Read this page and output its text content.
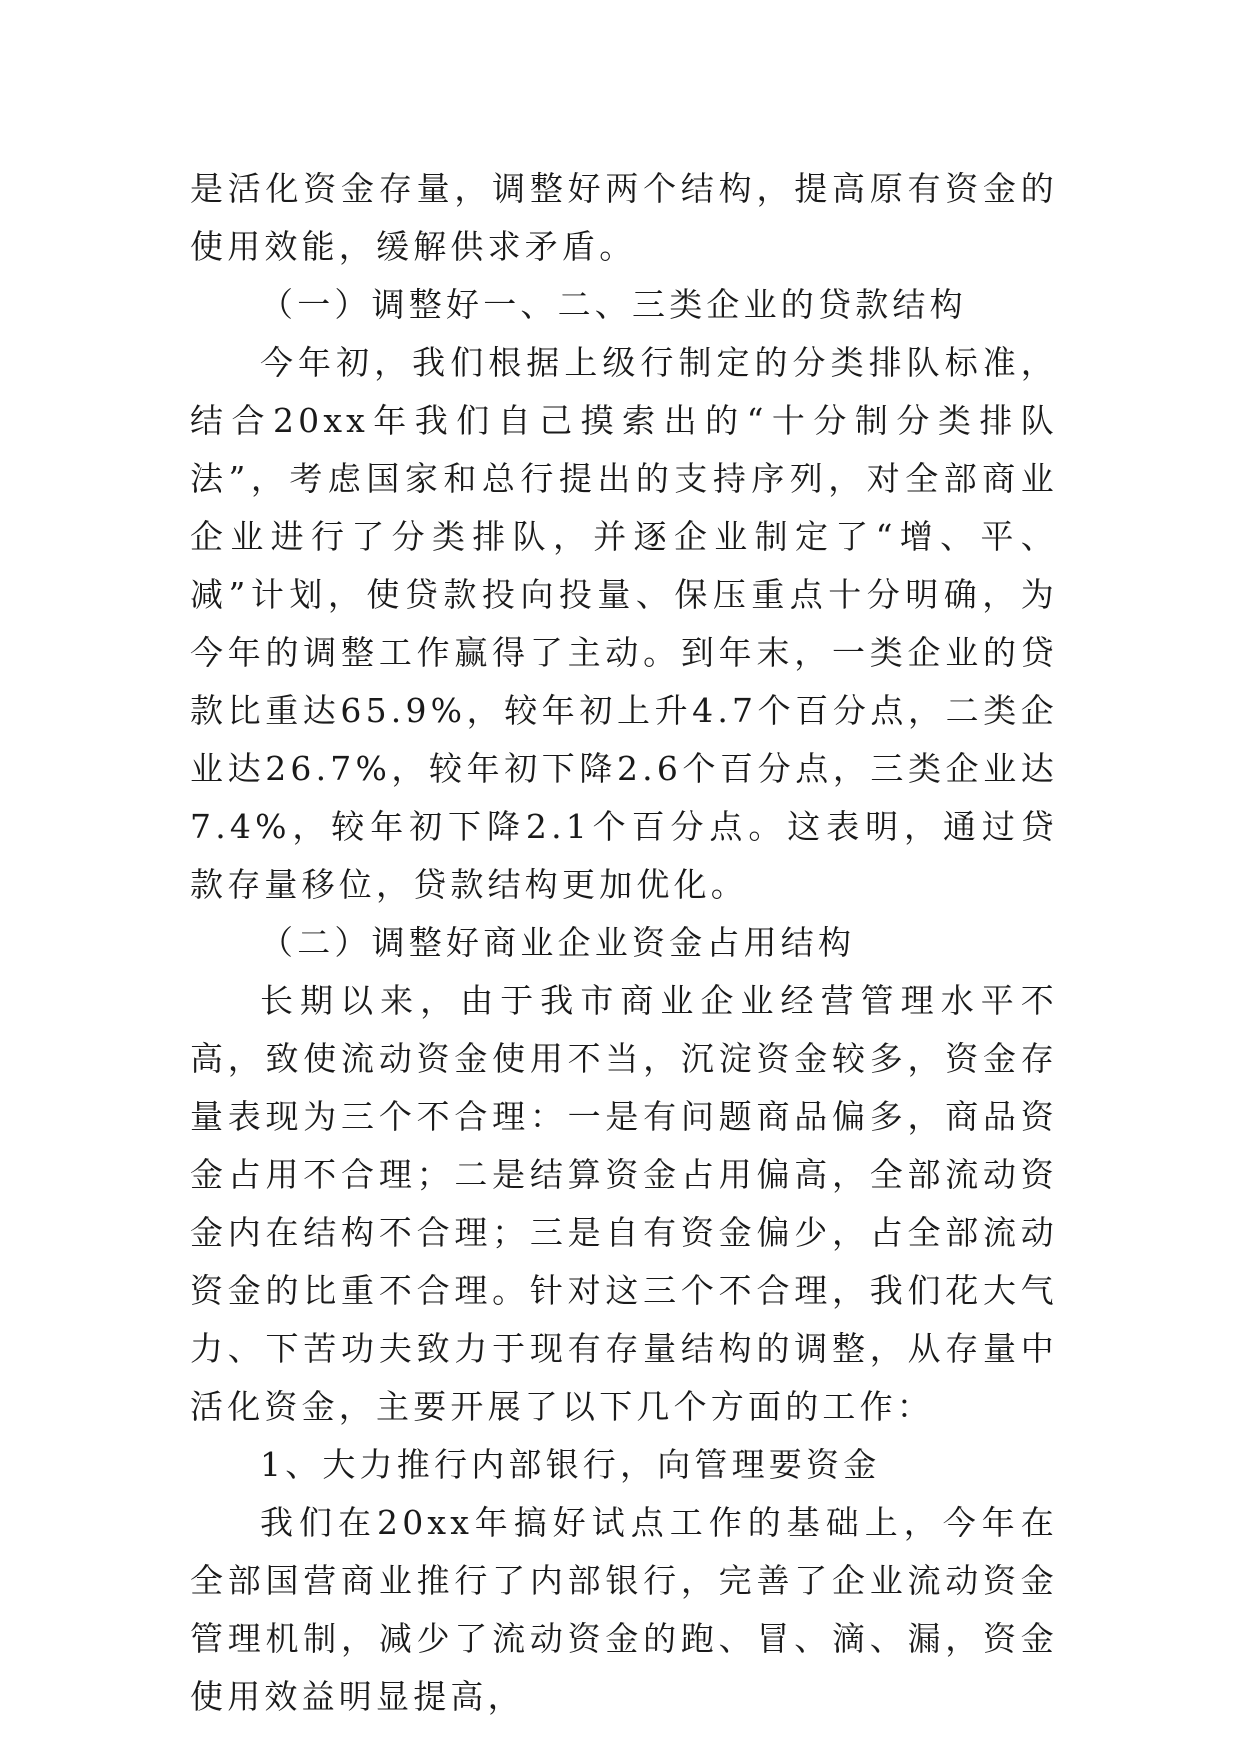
是活化资金存量，调整好两个结构，提高原有资金的使用效能，缓解供求矛盾。

（一）调整好一、二、三类企业的贷款结构

今年初，我们根据上级行制定的分类排队标准，结合20xx年我们自己摸索出的“十分制分类排队法”，考虑国家和总行提出的支持序列，对全部商业企业进行了分类排队，并逐企业制定了“增、平、减”计划，使贷款投向投量、保压重点十分明确，为今年的调整工作赢得了主动。到年末，一类企业的贷款比重达65.9%，较年初上升4.7个百分点，二类企业达26.7%，较年初下降2.6个百分点，三类企业达7.4%，较年初下降2.1个百分点。这表明，通过贷款存量移位，贷款结构更加优化。

（二）调整好商业企业资金占用结构

长期以来，由于我市商业企业经营管理水平不高，致使流动资金使用不当，沉淀资金较多，资金存量表现为三个不合理：一是有问题商品偏多，商品资金占用不合理；二是结算资金占用偏高，全部流动资金内在结构不合理；三是自有资金偏少，占全部流动资金的比重不合理。针对这三个不合理，我们花大气力、下苦功夫致力于现有存量结构的调整，从存量中活化资金，主要开展了以下几个方面的工作：

1、大力推行内部银行，向管理要资金

我们在20xx年搞好试点工作的基础上，今年在全部国营商业推行了内部银行，完善了企业流动资金管理机制，减少了流动资金的跑、冒、滴、漏，资金使用效益明显提高，
